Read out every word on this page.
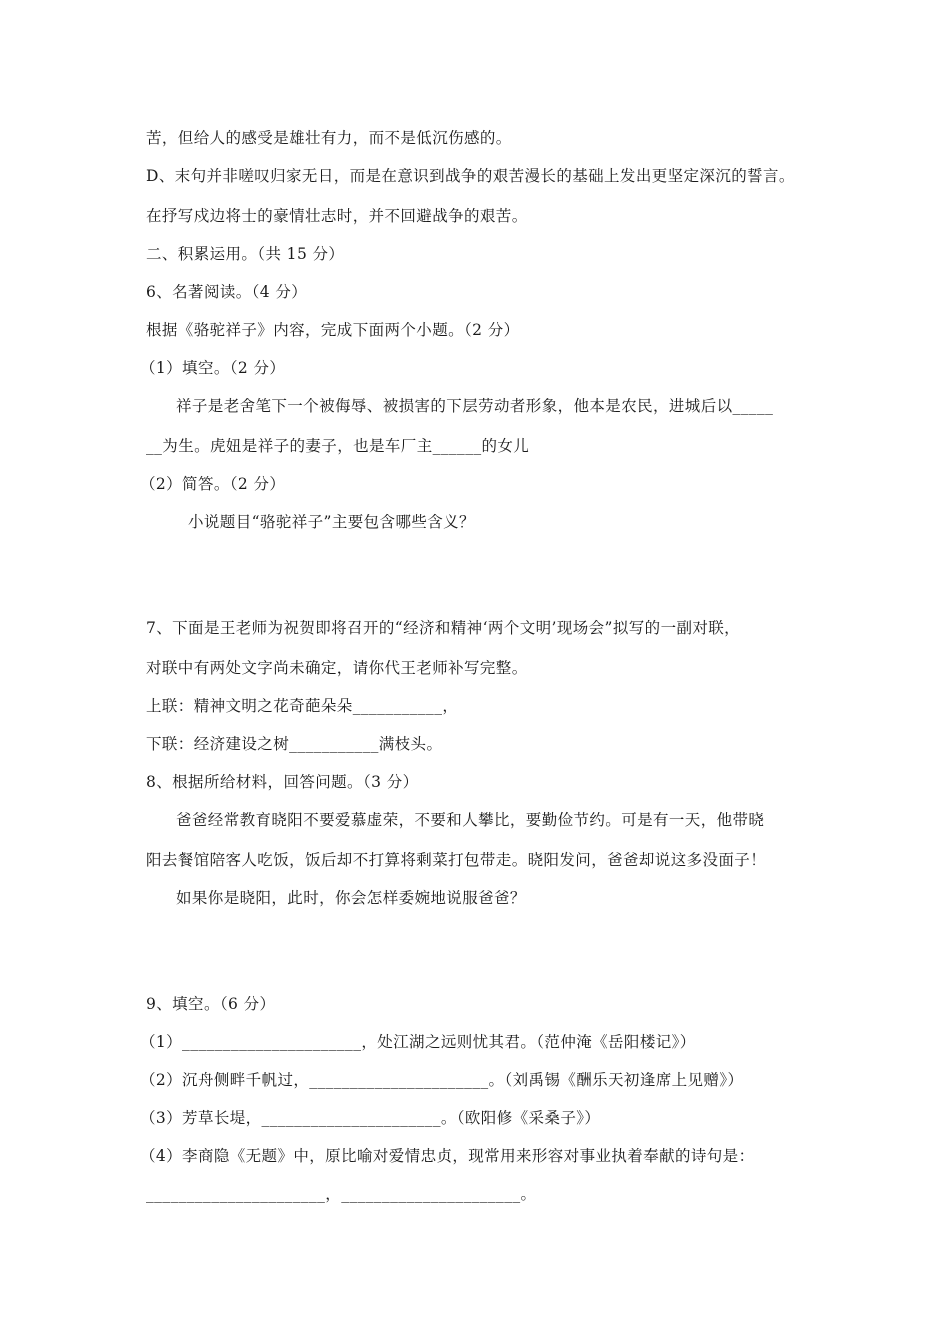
苦，但给人的感受是雄壮有力，而不是低沉伤感的。
D、末句并非嗟叹归家无日，而是在意识到战争的艰苦漫长的基础上发出更坚定深沉的誓言。
在抒写戍边将士的豪情壮志时，并不回避战争的艰苦。
二、积累运用。（共 15 分）
6、名著阅读。（4 分）
根据《骆驼祥子》内容，完成下面两个小题。（2 分）
（1）填空。（2 分）
祥子是老舍笔下一个被侮辱、被损害的下层劳动者形象，他本是农民，进城后以_____
__为生。虎妞是祥子的妻子，也是车厂主______的女儿
（2）简答。（2 分）
小说题目“骆驼祥子”主要包含哪些含义？
7、下面是王老师为祝贺即将召开的“经济和精神‘两个文明’现场会”拟写的一副对联，
对联中有两处文字尚未确定，请你代王老师补写完整。
上联：精神文明之花奇葩朵朵___________，
下联：经济建设之树___________满枝头。
8、根据所给材料，回答问题。（3 分）
爸爸经常教育晓阳不要爱慕虚荣，不要和人攀比，要勤俭节约。可是有一天，他带晓
阳去餐馆陪客人吃饭，饭后却不打算将剩菜打包带走。晓阳发问，爸爸却说这多没面子！
如果你是晓阳，此时，你会怎样委婉地说服爸爸？
9、填空。（6 分）
（1）______________________，处江湖之远则忧其君。（范仲淹《岳阳楼记》）
（2）沉舟侧畔千帆过，______________________。（刘禹锡《酬乐天初逢席上见赠》）
（3）芳草长堤，______________________。（欧阳修《采桑子》）
（4）李商隐《无题》中，原比喻对爱情忠贞，现常用来形容对事业执着奉献的诗句是：
______________________，______________________。
